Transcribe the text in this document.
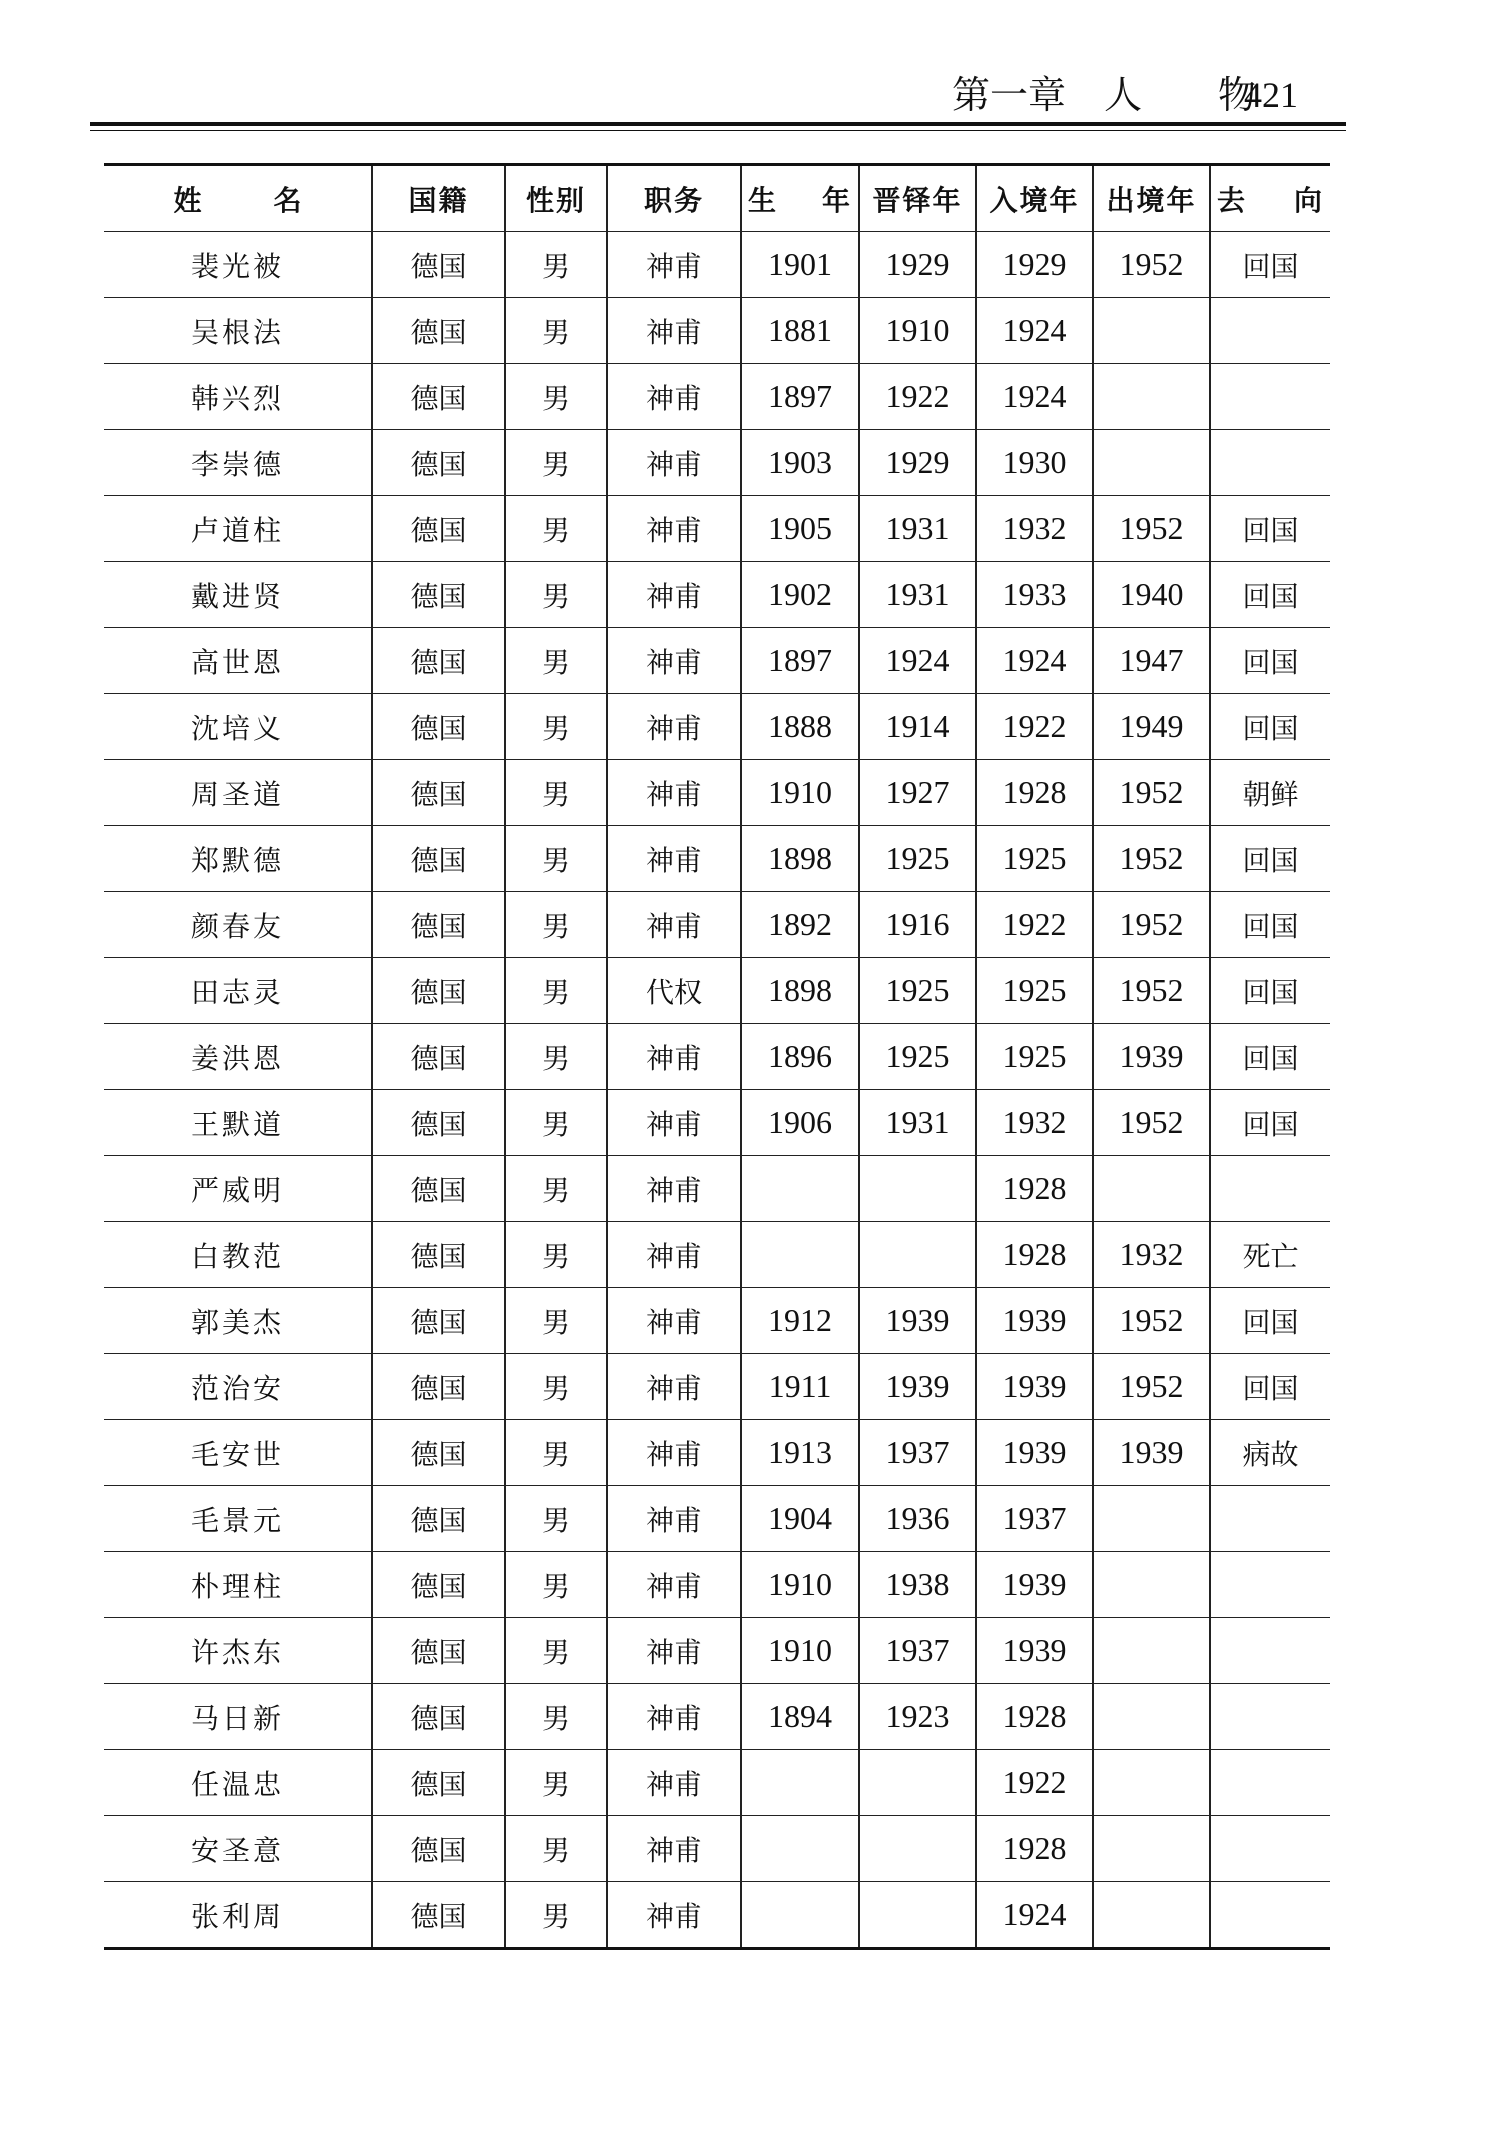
第一章　人　　物
421
姓　名	国籍	性别	职务	生 年	晋铎年	入境年	出境年	去 向

裴光被	德国	男	神甫	1901	1929	1929	1952	回国
吴根法	德国	男	神甫	1881	1910	1924		
韩兴烈	德国	男	神甫	1897	1922	1924		
李崇德	德国	男	神甫	1903	1929	1930		
卢道柱	德国	男	神甫	1905	1931	1932	1952	回国
戴进贤	德国	男	神甫	1902	1931	1933	1940	回国
高世恩	德国	男	神甫	1897	1924	1924	1947	回国
沈培义	德国	男	神甫	1888	1914	1922	1949	回国
周圣道	德国	男	神甫	1910	1927	1928	1952	朝鲜
郑默德	德国	男	神甫	1898	1925	1925	1952	回国
颜春友	德国	男	神甫	1892	1916	1922	1952	回国
田志灵	德国	男	代权	1898	1925	1925	1952	回国
姜洪恩	德国	男	神甫	1896	1925	1925	1939	回国
王默道	德国	男	神甫	1906	1931	1932	1952	回国
严威明	德国	男	神甫			1928		
白教范	德国	男	神甫			1928	1932	死亡
郭美杰	德国	男	神甫	1912	1939	1939	1952	回国
范治安	德国	男	神甫	1911	1939	1939	1952	回国
毛安世	德国	男	神甫	1913	1937	1939	1939	病故
毛景元	德国	男	神甫	1904	1936	1937		
朴理柱	德国	男	神甫	1910	1938	1939		
许杰东	德国	男	神甫	1910	1937	1939		
马日新	德国	男	神甫	1894	1923	1928		
任温忠	德国	男	神甫			1922		
安圣意	德国	男	神甫			1928		
张利周	德国	男	神甫			1924		
